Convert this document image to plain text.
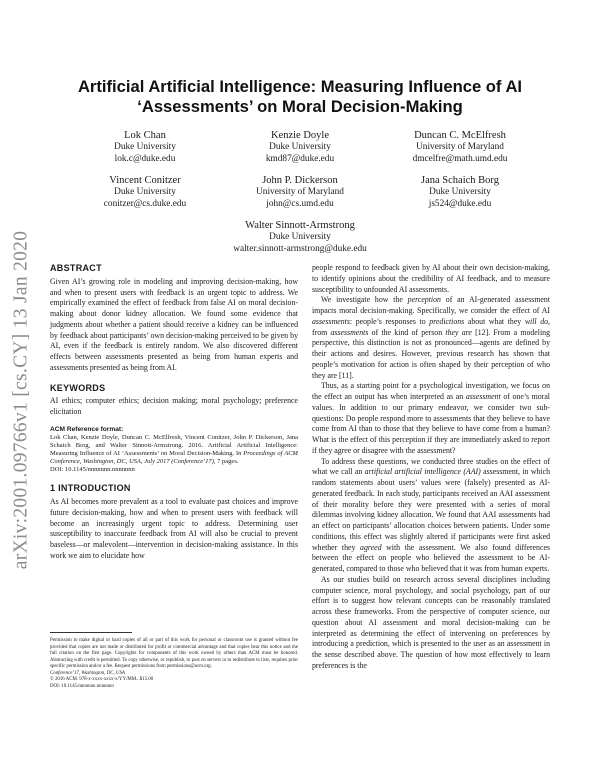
arXiv:2001.09766v1 [cs.CY] 13 Jan 2020
Artificial Artificial Intelligence: Measuring Influence of AI ‘Assessments’ on Moral Decision-Making
Lok Chan
Duke University
lok.c@duke.edu
Kenzie Doyle
Duke University
kmd87@duke.edu
Duncan C. McElfresh
University of Maryland
dmcelfre@math.umd.edu
Vincent Conitzer
Duke University
conitzer@cs.duke.edu
John P. Dickerson
University of Maryland
john@cs.umd.edu
Jana Schaich Borg
Duke University
js524@duke.edu
Walter Sinnott-Armstrong
Duke University
walter.sinnott-armstrong@duke.edu
ABSTRACT

Given AI’s growing role in modeling and improving decision-making, how and when to present users with feedback is an urgent topic to address. We empirically examined the effect of feedback from false AI on moral decision-making about donor kidney allocation. We found some evidence that judgments about whether a patient should receive a kidney can be influenced by feedback about participants’ own decision-making perceived to be given by AI, even if the feedback is entirely random. We also discovered different effects between assessments presented as being from human experts and assessments presented as being from AI.

KEYWORDS

AI ethics; computer ethics; decision making; moral psychology; preference elicitation

ACM Reference format:
Lok Chan, Kenzie Doyle, Duncan C. McElfresh, Vincent Conitzer, John P. Dickerson, Jana Schaich Borg, and Walter Sinnott-Armstrong. 2016. Artificial Artificial Intelligence: Measuring Influence of AI ‘Assessments’ on Moral Decision-Making. In Proceedings of ACM Conference, Washington, DC, USA, July 2017 (Conference’17), 7 pages.
DOI: 10.1145/nnnnnnn.nnnnnnn
1 INTRODUCTION

As AI becomes more prevalent as a tool to evaluate past choices and improve future decision-making, how and when to present users with feedback will become an increasingly urgent topic to address. Determining user susceptibility to inaccurate feedback from AI will also be crucial to prevent baseless—or malevolent—intervention in decision-making assistance. In this work we aim to elucidate how

Permission to make digital or hard copies of all or part of this work for personal or classroom use is granted without fee provided that copies are not made or distributed for profit or commercial advantage and that copies bear this notice and the full citation on the first page. Copyrights for components of this work owned by others than ACM must be honored. Abstracting with credit is permitted. To copy otherwise, or republish, to post on servers or to redistribute to lists, requires prior specific permission and/or a fee. Request permissions from permissions@acm.org.
Conference’17, Washington, DC, USA
© 2016 ACM. 978-x-xxxx-xxxx-x/YY/MM...$15.00
DOI: 10.1145/nnnnnnn.nnnnnnn

people respond to feedback given by AI about their own decision-making, to identify opinions about the credibility of AI feedback, and to measure susceptibility to unfounded AI assessments.

We investigate how the perception of an AI-generated assessment impacts moral decision-making. Specifically, we consider the effect of AI assessments: people’s responses to predictions about what they will do, from assessments of the kind of person they are [12]. From a modeling perspective, this distinction is not as pronounced—agents are defined by their actions and desires. However, previous research has shown that people’s motivation for action is often shaped by their perception of who they are [11].

Thus, as a starting point for a psychological investigation, we focus on the effect an output has when interpreted as an assessment of one’s moral values. In addition to our primary endeavor, we consider two sub-questions: Do people respond more to assessments that they believe to have come from AI than to those that they believe to have come from a human? What is the effect of this perception if they are immediately asked to report if they agree or disagree with the assessment?

To address these questions, we conducted three studies on the effect of what we call an artificial artificial intelligence (AAI) assessment, in which random statements about users’ values were (falsely) presented as AI-generated feedback. In each study, participants received an AAI assessment of their morality before they were presented with a series of moral dilemmas involving kidney allocation. We found that AAI assessments had an effect on participants’ allocation choices between patients. Under some conditions, this effect was slightly altered if participants were first asked whether they agreed with the assessment. We also found differences between the effect on people who believed the assessment to be AI-generated, compared to those who believed that it was from human experts.

As our studies build on research across several disciplines including computer science, moral psychology, and social psychology, part of our effort is to suggest how relevant concepts can be reasonably translated across these frameworks. From the perspective of computer science, our question about AI assessment and moral decision-making can be interpreted as determining the effect of intervening on preferences by introducing a prediction, which is presented to the user as an assessment in the sense described above. The question of how most effectively to learn preferences is the
